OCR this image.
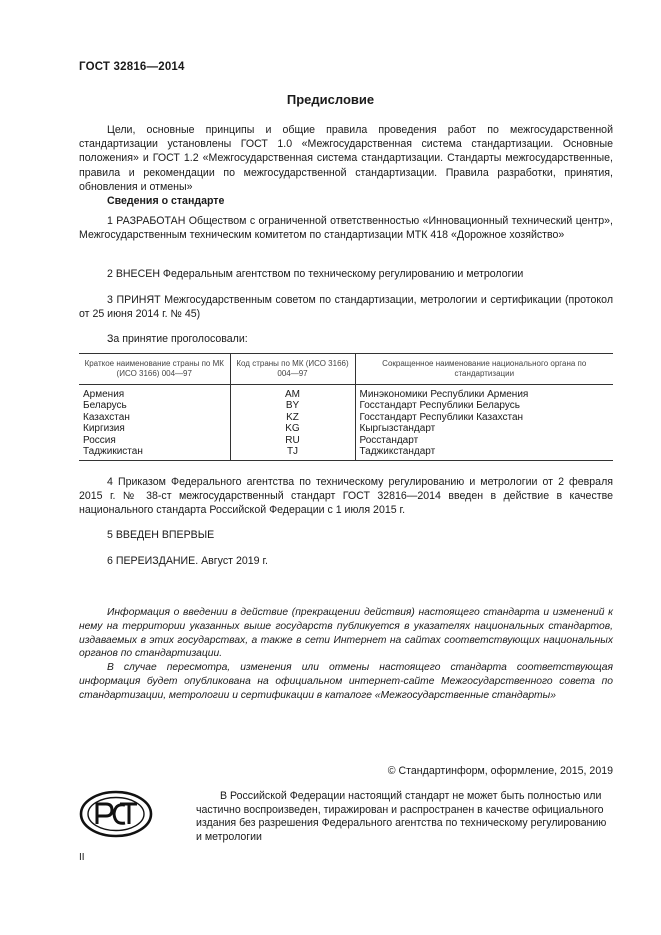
ГОСТ 32816—2014
Предисловие
Цели, основные принципы и общие правила проведения работ по межгосударственной стандартизации установлены ГОСТ 1.0 «Межгосударственная система стандартизации. Основные положения» и ГОСТ 1.2 «Межгосударственная система стандартизации. Стандарты межгосударственные, правила и рекомендации по межгосударственной стандартизации. Правила разработки, принятия, обновления и отмены»
Сведения о стандарте
1 РАЗРАБОТАН Обществом с ограниченной ответственностью «Инновационный технический центр», Межгосударственным техническим комитетом по стандартизации МТК 418 «Дорожное хозяйство»
2 ВНЕСЕН Федеральным агентством по техническому регулированию и метрологии
3 ПРИНЯТ Межгосударственным советом по стандартизации, метрологии и сертификации (протокол от 25 июня 2014 г. № 45)
За принятие проголосовали:
Краткое наименование страны по МК (ИСО 3166) 004—97	Код страны по МК (ИСО 3166) 004—97	Сокращенное наименование национального органа по стандартизации
Армения	AM	Минэкономики Республики Армения
Беларусь	BY	Госстандарт Республики Беларусь
Казахстан	KZ	Госстандарт Республики Казахстан
Киргизия	KG	Кыргызстандарт
Россия	RU	Росстандарт
Таджикистан	TJ	Таджикстандарт
4 Приказом Федерального агентства по техническому регулированию и метрологии от 2 февраля 2015 г. № 38-ст межгосударственный стандарт ГОСТ 32816—2014 введен в действие в качестве национального стандарта Российской Федерации с 1 июля 2015 г.
5 ВВЕДЕН ВПЕРВЫЕ
6 ПЕРЕИЗДАНИЕ. Август 2019 г.
Информация о введении в действие (прекращении действия) настоящего стандарта и изменений к нему на территории указанных выше государств публикуется в указателях национальных стандартов, издаваемых в этих государствах, а также в сети Интернет на сайтах соответствующих национальных органов по стандартизации.
В случае пересмотра, изменения или отмены настоящего стандарта соответствующая информация будет опубликована на официальном интернет-сайте Межгосударственного совета по стандартизации, метрологии и сертификации в каталоге «Межгосударственные стандарты»
© Стандартинформ, оформление, 2015, 2019
В Российской Федерации настоящий стандарт не может быть полностью или частично воспроизведен, тиражирован и распространен в качестве официального издания без разрешения Федерального агентства по техническому регулированию и метрологии
II
